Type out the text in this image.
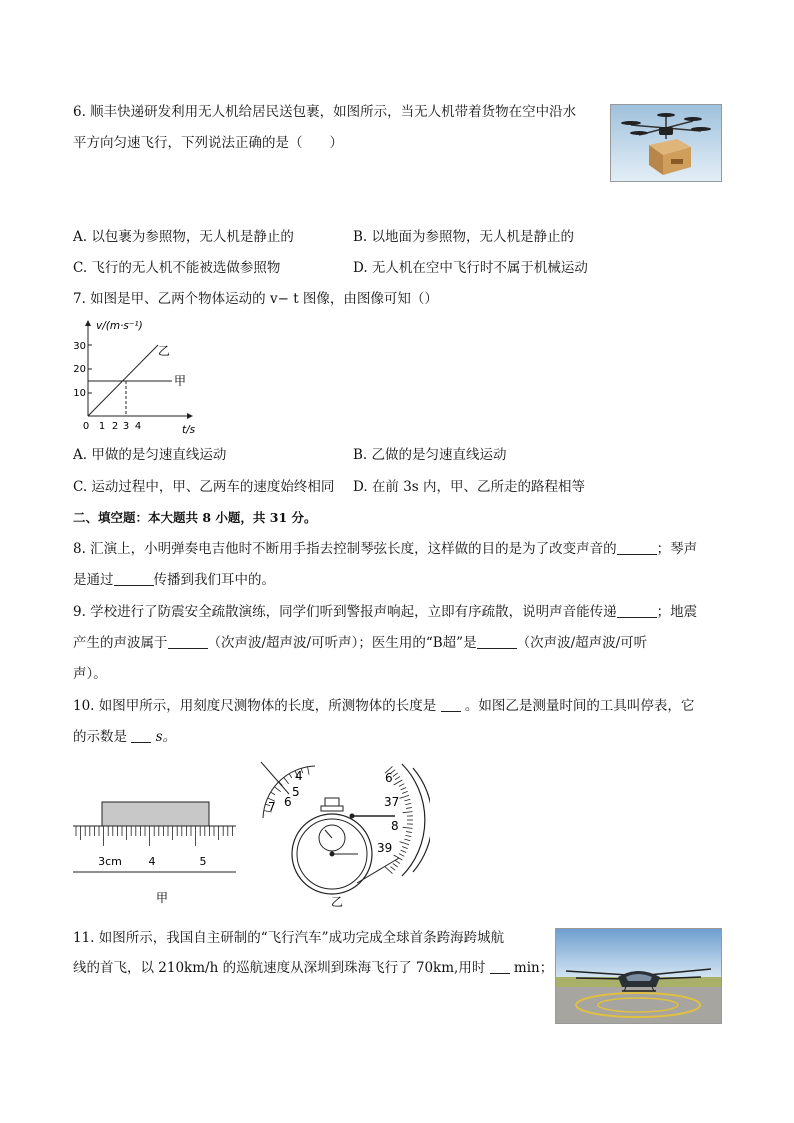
6. 顺丰快递研发利用无人机给居民送包裹，如图所示，当无人机带着货物在空中沿水
平方向匀速飞行，下列说法正确的是（　　）
A. 以包裹为参照物，无人机是静止的	B. 以地面为参照物，无人机是静止的
C. 飞行的无人机不能被选做参照物	D. 无人机在空中飞行时不属于机械运动
7. 如图是甲、乙两个物体运动的 v− t 图像，由图像可知（）
v/(m·s⁻¹)
30
20
10
0 1 2 3 4	t/s
甲
乙
A. 甲做的是匀速直线运动	B. 乙做的是匀速直线运动
C. 运动过程中，甲、乙两车的速度始终相同 D. 在前 3s 内，甲、乙所走的路程相等
二、填空题：本大题共 8 小题，共 31 分。
8. 汇演上，小明弹奏电吉他时不断用手指去控制琴弦长度，这样做的目的是为了改变声音的	；琴声
是通过	传播到我们耳中的。
9. 学校进行了防震安全疏散演练，同学们听到警报声响起，立即有序疏散，说明声音能传递	；地震
产生的声波属于	（次声波/超声波/可听声）；医生用的“B超”是	（次声波/超声波/可听
声）。
10. 如图甲所示，用刻度尺测物体的长度，所测物体的长度是 。如图乙是测量时间的工具叫停表，它
的示数是 s。
3cm 4	5
甲
4
5
6
7
6
37
8
39
乙
11. 如图所示，我国自主研制的“飞行汽车”成功完成全球首条跨海跨城航
线的首飞，以 210km/h 的巡航速度从深圳到珠海飞行了 70km,用时 min；
